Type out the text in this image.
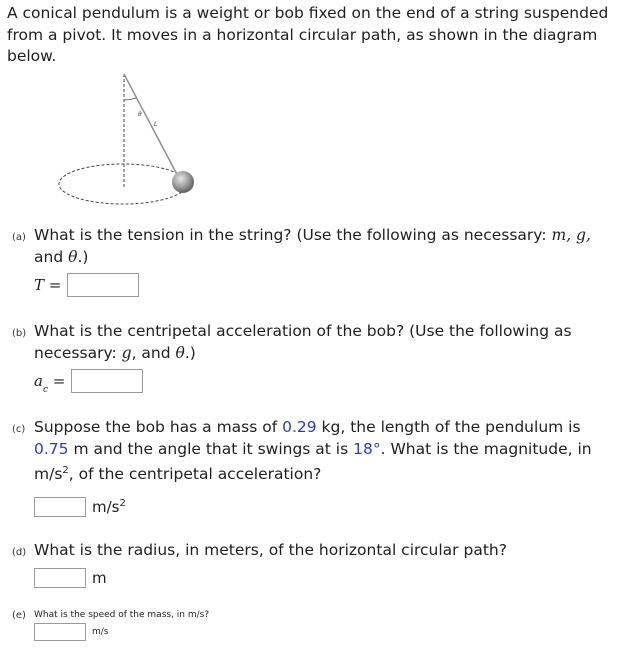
A conical pendulum is a weight or bob fixed on the end of a string suspended from a pivot. It moves in a horizontal circular path, as shown in the diagram below.
θ
L
(a) What is the tension in the string? (Use the following as necessary: m, g,
and θ.)
T =
(b) What is the centripetal acceleration of the bob? (Use the following as necessary: g, and θ.)
$a_c$ =
(c) Suppose the bob has a mass of 0.29 kg, the length of the pendulum is 0.75 m and the angle that it swings at is 18°. What is the magnitude, in $m/s^2$, of the centripetal acceleration?
$m/s^2$
(d) What is the radius, in meters, of the horizontal circular path?
m
(e) What is the speed of the mass, in m/s?
m/s
